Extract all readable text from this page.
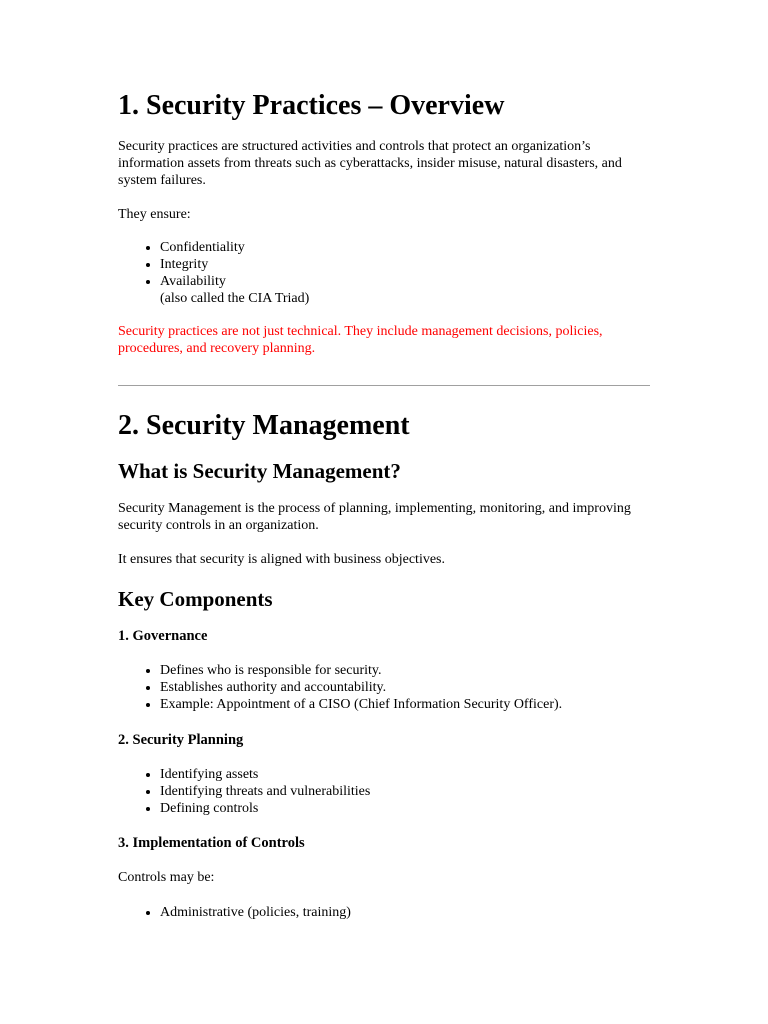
1. Security Practices – Overview

Security practices are structured activities and controls that protect an organization’s information assets from threats such as cyberattacks, insider misuse, natural disasters, and system failures.

They ensure:

• Confidentiality
• Integrity
• Availability
(also called the CIA Triad)

Security practices are not just technical. They include management decisions, policies, procedures, and recovery planning.

2. Security Management
What is Security Management?

Security Management is the process of planning, implementing, monitoring, and improving security controls in an organization.

It ensures that security is aligned with business objectives.

Key Components
1. Governance
• Defines who is responsible for security.
• Establishes authority and accountability.
• Example: Appointment of a CISO (Chief Information Security Officer).
2. Security Planning
• Identifying assets
• Identifying threats and vulnerabilities
• Defining controls
3. Implementation of Controls

Controls may be:

• Administrative (policies, training)
